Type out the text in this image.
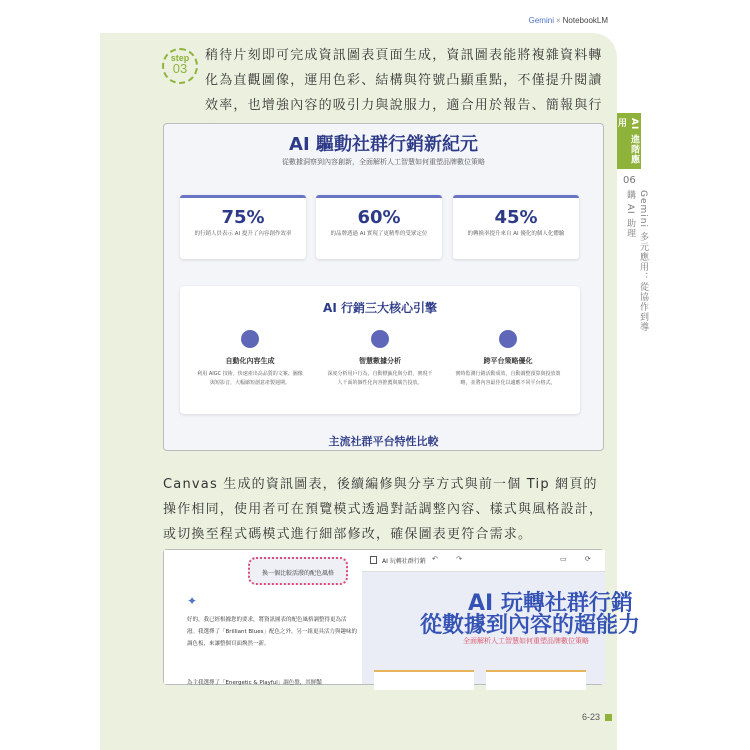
Gemini × NotebookLM
step
03
稍待片刻即可完成資訊圖表頁面生成，資訊圖表能將複雜資料轉化為直觀圖像，運用色彩、結構與符號凸顯重點，不僅提升閱讀效率，也增強內容的吸引力與說服力，適合用於報告、簡報與行
AI 驅動社群行銷新紀元
從數據洞察到內容創新，全面解析人工智慧如何重塑品牌數位策略
75%
的行銷人員表示 AI 提升了內容創作效率
60%
的品牌透過 AI 實現了更精準的受眾定位
45%
的轉換率提升來自 AI 優化的個人化體驗
AI 行銷三大核心引擎
自動化內容生成
利用 AIGC 技術，快速產出高品質的文案、圖像與短影音，大幅縮短創意產製週期。
智慧數據分析
深度分析用戶行為，自動標籤化與分群，實現千人千面的個性化內容推薦與廣告投放。
跨平台策略優化
實時監測行銷活動成效，自動調整預算與投放策略，並將內容最佳化以適應不同平台格式。
主流社群平台特性比較
Canvas 生成的資訊圖表，後續編修與分享方式與前一個 Tip 網頁的操作相同，使用者可在預覽模式透過對話調整內容、樣式與風格設計，或切換至程式碼模式進行細部修改，確保圖表更符合需求。
換一個比較活潑的配色風格
✦
好的，我已經根據您的要求，將資訊圖表的配色風格調整得更為活潑。我選擇了「Brilliant Blues」配色之外，另一組更具活力與趣味的調色板，來讓整個頁面煥然一新。
為主我選擇了「Energetic & Playful」調色盤，其鮮豔
AI 玩轉社群行銷 ↶ ↷	▭ ⟳
AI 玩轉社群行銷
從數據到內容的超能力
全面解析人工智慧如何重塑品牌數位策略
AI 進階應用
06
Gemini 多元應用：從協作到導購 AI 助理
6-23
